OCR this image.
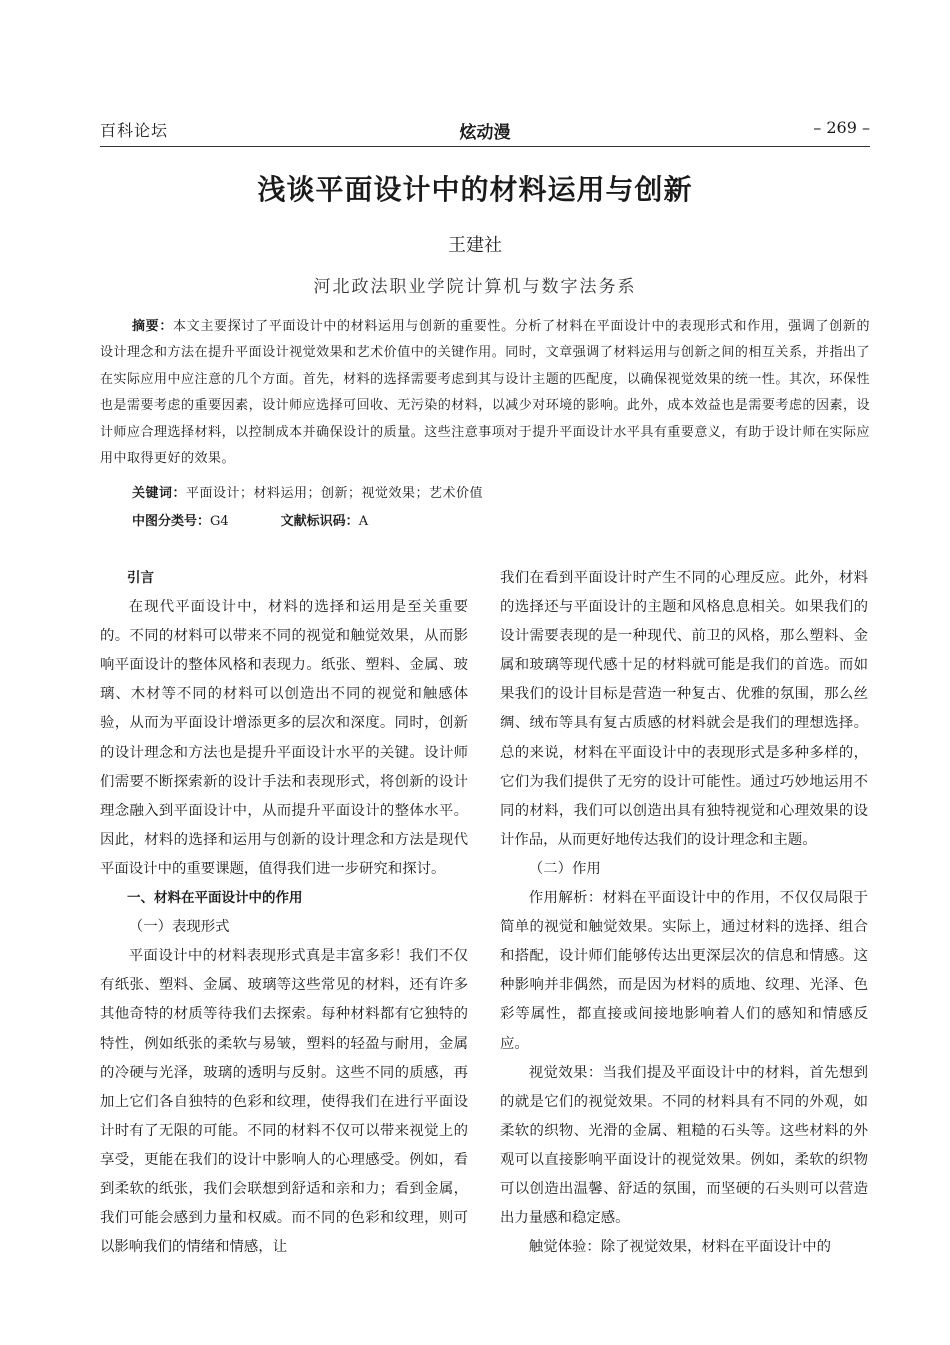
百科论坛	炫动漫	– 269 –
浅谈平面设计中的材料运用与创新
王建社
河北政法职业学院计算机与数字法务系
摘要：本文主要探讨了平面设计中的材料运用与创新的重要性。分析了材料在平面设计中的表现形式和作用，强调了创新的设计理念和方法在提升平面设计视觉效果和艺术价值中的关键作用。同时，文章强调了材料运用与创新之间的相互关系，并指出了在实际应用中应注意的几个方面。首先，材料的选择需要考虑到其与设计主题的匹配度，以确保视觉效果的统一性。其次，环保性也是需要考虑的重要因素，设计师应选择可回收、无污染的材料，以减少对环境的影响。此外，成本效益也是需要考虑的因素，设计师应合理选择材料，以控制成本并确保设计的质量。这些注意事项对于提升平面设计水平具有重要意义，有助于设计师在实际应用中取得更好的效果。
关键词：平面设计；材料运用；创新；视觉效果；艺术价值
中图分类号：G4	文献标识码：A

引言

在现代平面设计中，材料的选择和运用是至关重要的。不同的材料可以带来不同的视觉和触觉效果，从而影响平面设计的整体风格和表现力。纸张、塑料、金属、玻璃、木材等不同的材料可以创造出不同的视觉和触感体验，从而为平面设计增添更多的层次和深度。同时，创新的设计理念和方法也是提升平面设计水平的关键。设计师们需要不断探索新的设计手法和表现形式，将创新的设计理念融入到平面设计中，从而提升平面设计的整体水平。因此，材料的选择和运用与创新的设计理念和方法是现代平面设计中的重要课题，值得我们进一步研究和探讨。

一、材料在平面设计中的作用

（一）表现形式

平面设计中的材料表现形式真是丰富多彩！我们不仅有纸张、塑料、金属、玻璃等这些常见的材料，还有许多其他奇特的材质等待我们去探索。每种材料都有它独特的特性，例如纸张的柔软与易皱，塑料的轻盈与耐用，金属的冷硬与光泽，玻璃的透明与反射。这些不同的质感，再加上它们各自独特的色彩和纹理，使得我们在进行平面设计时有了无限的可能。不同的材料不仅可以带来视觉上的享受，更能在我们的设计中影响人的心理感受。例如，看到柔软的纸张，我们会联想到舒适和亲和力；看到金属，我们可能会感到力量和权威。而不同的色彩和纹理，则可以影响我们的情绪和情感，让

我们在看到平面设计时产生不同的心理反应。此外，材料的选择还与平面设计的主题和风格息息相关。如果我们的设计需要表现的是一种现代、前卫的风格，那么塑料、金属和玻璃等现代感十足的材料就可能是我们的首选。而如果我们的设计目标是营造一种复古、优雅的氛围，那么丝绸、绒布等具有复古质感的材料就会是我们的理想选择。总的来说，材料在平面设计中的表现形式是多种多样的，它们为我们提供了无穷的设计可能性。通过巧妙地运用不同的材料，我们可以创造出具有独特视觉和心理效果的设计作品，从而更好地传达我们的设计理念和主题。

（二）作用

作用解析：材料在平面设计中的作用，不仅仅局限于简单的视觉和触觉效果。实际上，通过材料的选择、组合和搭配，设计师们能够传达出更深层次的信息和情感。这种影响并非偶然，而是因为材料的质地、纹理、光泽、色彩等属性，都直接或间接地影响着人们的感知和情感反应。

视觉效果：当我们提及平面设计中的材料，首先想到的就是它们的视觉效果。不同的材料具有不同的外观，如柔软的织物、光滑的金属、粗糙的石头等。这些材料的外观可以直接影响平面设计的视觉效果。例如，柔软的织物可以创造出温馨、舒适的氛围，而坚硬的石头则可以营造出力量感和稳定感。

触觉体验：除了视觉效果，材料在平面设计中的
